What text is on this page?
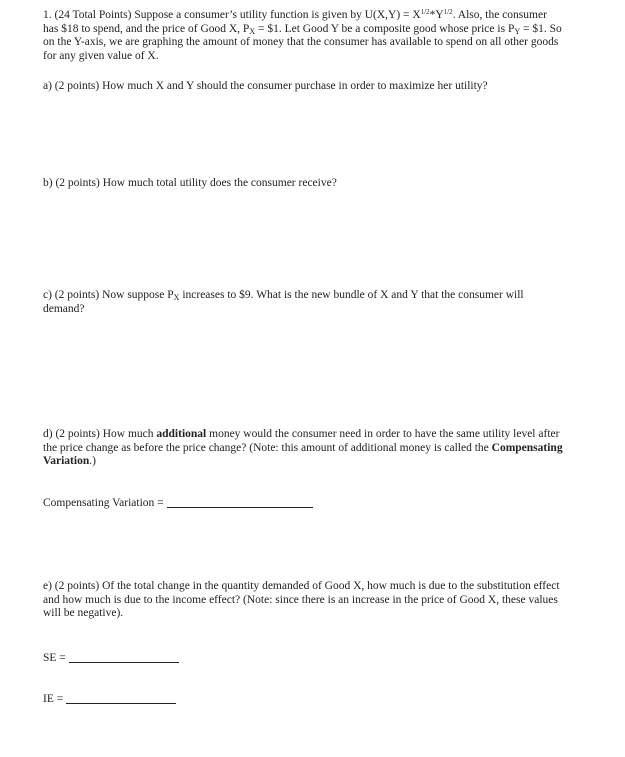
1. (24 Total Points) Suppose a consumer’s utility function is given by $U(X,Y) = X^{1/2}*Y^{1/2}$. Also, the consumer has $18 to spend, and the price of Good X, $P_X$ = $1. Let Good Y be a composite good whose price is $P_Y$ = $1. So on the Y-axis, we are graphing the amount of money that the consumer has available to spend on all other goods for any given value of X.

a) (2 points) How much X and Y should the consumer purchase in order to maximize her utility?

b) (2 points) How much total utility does the consumer receive?

c) (2 points) Now suppose $P_X$ increases to $9. What is the new bundle of X and Y that the consumer will demand?

d) (2 points) How much additional money would the consumer need in order to have the same utility level after the price change as before the price change? (Note: this amount of additional money is called the Compensating Variation.)

Compensating Variation =

e) (2 points) Of the total change in the quantity demanded of Good X, how much is due to the substitution effect and how much is due to the income effect? (Note: since there is an increase in the price of Good X, these values will be negative).

SE =
IE =
